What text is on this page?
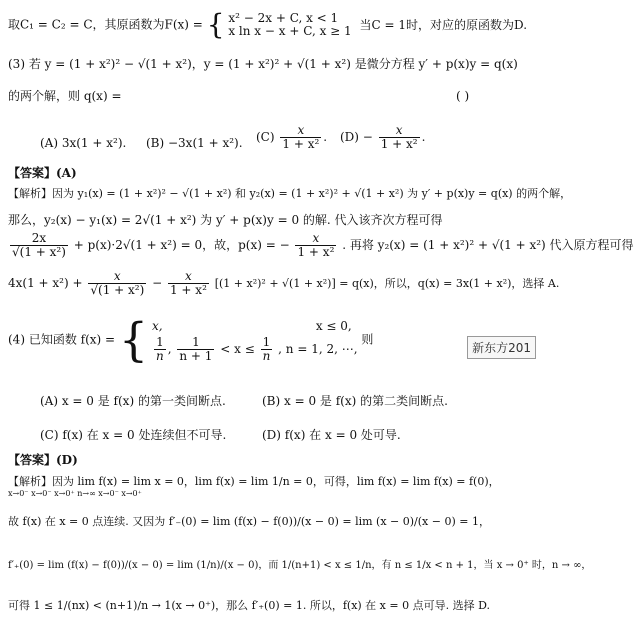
取C₁ = C₂ = C，其原函数为F(x) = { x² − 2x + C, x < 1
x ln x − x + C, x ≥ 1 当C = 1时，对应的原函数为D.
(3) 若 y = (1 + x²)² − √(1 + x²)，y = (1 + x²)² + √(1 + x²) 是微分方程 y′ + p(x)y = q(x)
的两个解，则 q(x) =	( )
(A) 3x(1 + x²). (B) −3x(1 + x²). $(C) \frac{x}{\text{1 + x²}}$ . $(D) - \frac{x}{\text{1 + x²}}$ .
【答案】(A)
【解析】因为 y₁(x) = (1 + x²)² − √(1 + x²) 和 y₂(x) = (1 + x²)² + √(1 + x²) 为 y′ + p(x)y = q(x) 的两个解，
那么，y₂(x) − y₁(x) = 2√(1 + x²) 为 y′ + p(x)y = 0 的解. 代入该齐次方程可得
$\frac{2x}{\text{√(1 + x²)}} + p(x)\cdot 2√(1 + x^2) = 0$，故，p(x) = − $\frac{x}{\text{1 + x²}}$ . 再将 y₂(x) = (1 + x²)² + √(1 + x²) 代入原方程可得
$4x(1 + x^2) + \frac{x}{\text{√(1 + x²)}} - \frac{x}{\text{1 + x²}} [(1 + x^2)^2 + √(1 + x^2)] = q(x)$，所以，q(x) = 3x(1 + x²)，选择 A.
(4) 已知函数 f(x) = { x,	x ≤ 0,
$\frac{1}{n}$ , $\frac{1}{n + 1} < x \le \frac{1}{n}$ , n = 1, 2, ⋯,
则
新东方201
(A) x = 0 是 f(x) 的第一类间断点.	(B) x = 0 是 f(x) 的第二类间断点.
(C) f(x) 在 x = 0 处连续但不可导.	(D) f(x) 在 x = 0 处可导.
【答案】(D)
【解析】因为 lim f(x) = lim x = 0，lim f(x) = lim 1/n = 0，可得，lim f(x) = lim f(x) = f(0)，
x→0⁻ x→0⁻ x→0⁺ n→∞ x→0⁻ x→0⁺
故 f(x) 在 x = 0 点连续. 又因为 f′₋(0) = lim (f(x) − f(0))/(x − 0) = lim (x − 0)/(x − 0) = 1，
f′₊(0) = lim (f(x) − f(0))/(x − 0) = lim (1/n)/(x − 0)，而 1/(n+1) < x ≤ 1/n，有 n ≤ 1/x < n + 1，当 x → 0⁺ 时，n → ∞，
可得 1 ≤ 1/(nx) < (n+1)/n → 1(x → 0⁺)，那么 f′₊(0) = 1. 所以，f(x) 在 x = 0 点可导. 选择 D.
